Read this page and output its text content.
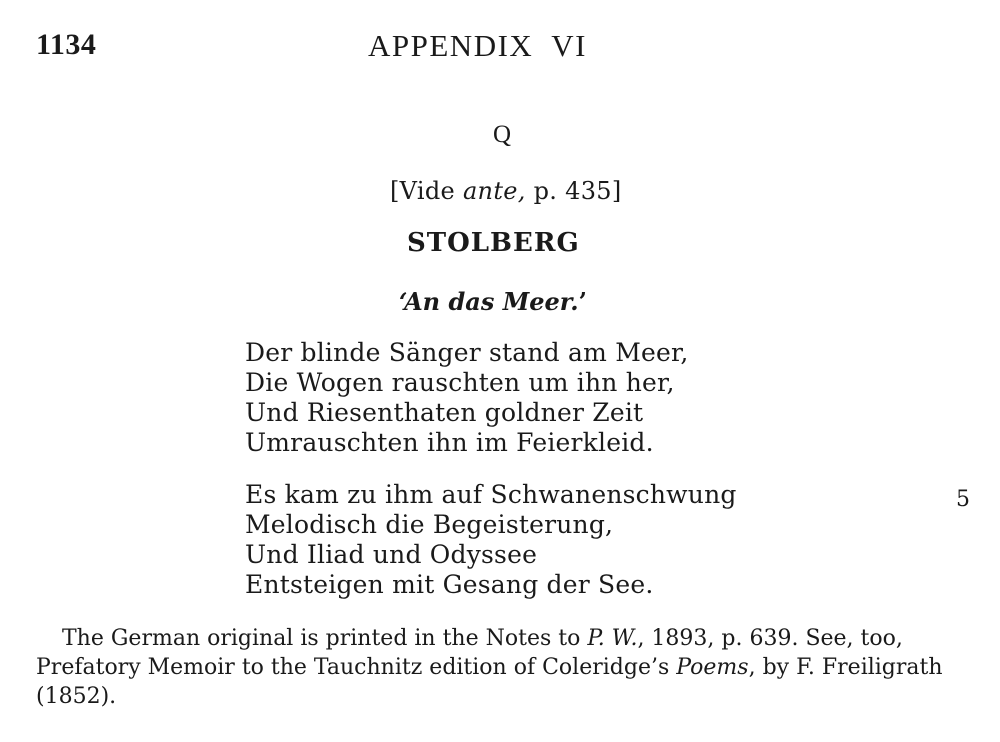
1134	APPENDIX  VI
Q
[Vide ante, p. 435]
STOLBERG
‘An das Meer.’
Der blinde Sänger stand am Meer,
Die Wogen rauschten um ihn her,
Und Riesenthaten goldner Zeit
Umrauschten ihn im Feierkleid.
Es kam zu ihm auf Schwanenschwung
Melodisch die Begeisterung,
Und Iliad und Odyssee
Entsteigen mit Gesang der See.
5
The German original is printed in the Notes to P. W., 1893, p. 639. See, too, Prefatory Memoir to the Tauchnitz edition of Coleridge’s Poems, by F. Freiligrath (1852).
